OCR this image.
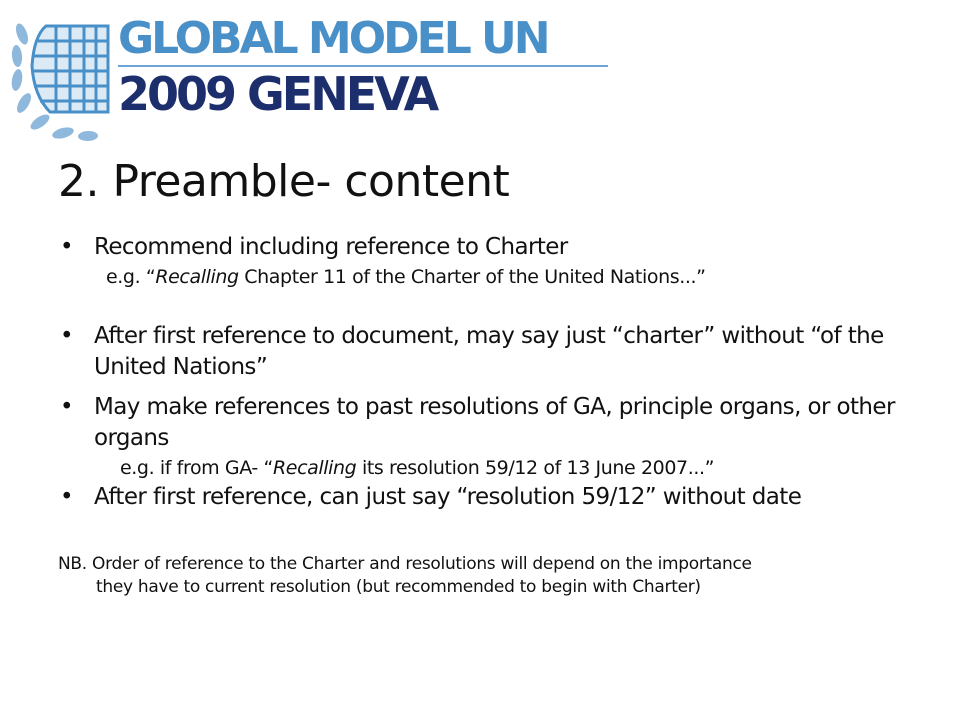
GLOBAL MODEL UN
2009 GENEVA
2. Preamble- content
• Recommend including reference to Charter
e.g. “Recalling Chapter 11 of the Charter of the United Nations...”
• After first reference to document, may say just “charter” without “of the United Nations”
• May make references to past resolutions of GA, principle organs, or other organs
e.g. if from GA- “Recalling its resolution 59/12 of 13 June 2007...”
• After first reference, can just say “resolution 59/12” without date
NB. Order of reference to the Charter and resolutions will depend on the importance
they have to current resolution (but recommended to begin with Charter)
